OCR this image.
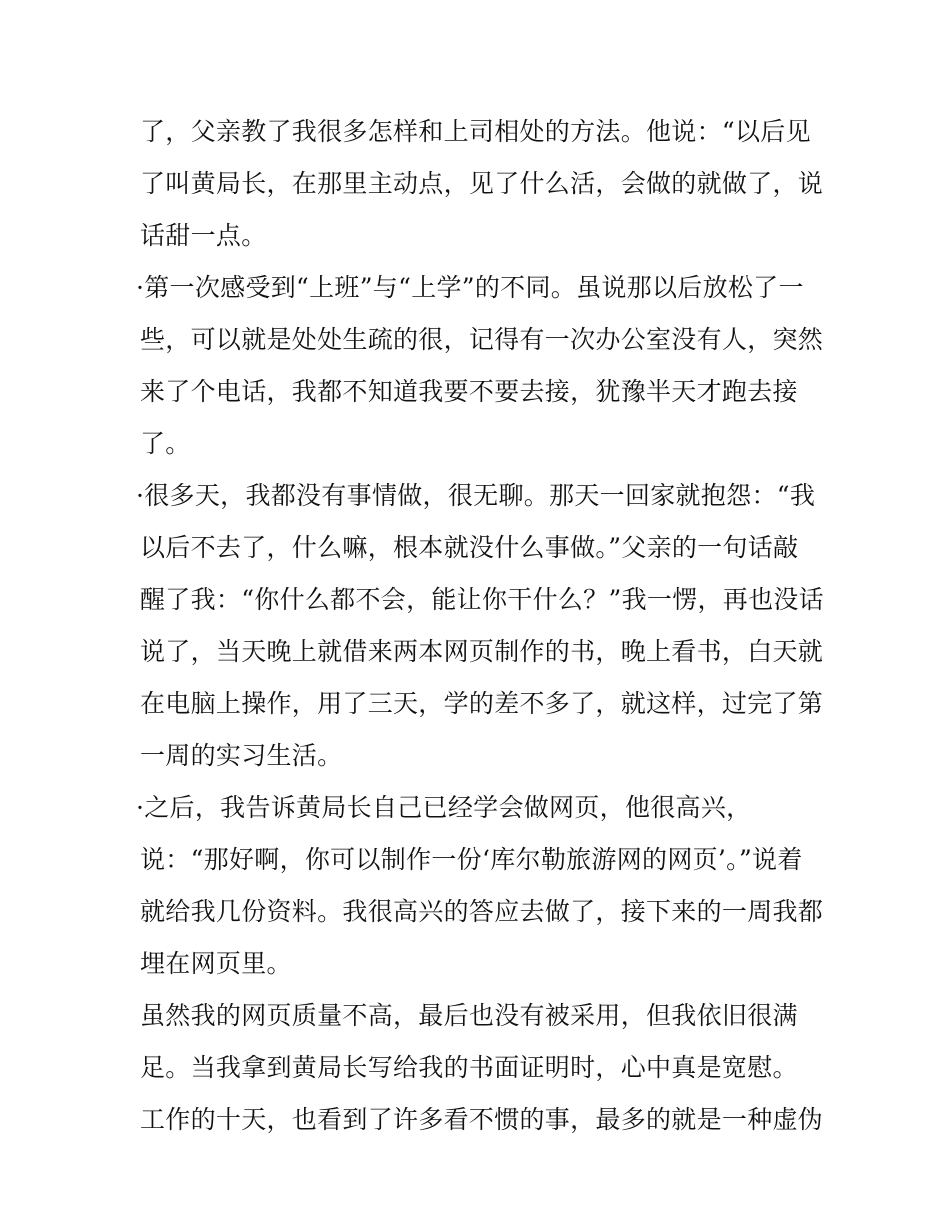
了，父亲教了我很多怎样和上司相处的方法。他说：“以后见
了叫黄局长，在那里主动点，见了什么活，会做的就做了，说
话甜一点。
·第一次感受到“上班”与“上学”的不同。虽说那以后放松了一
些，可以就是处处生疏的很，记得有一次办公室没有人，突然
来了个电话，我都不知道我要不要去接，犹豫半天才跑去接
了。
·很多天，我都没有事情做，很无聊。那天一回家就抱怨：“我
以后不去了，什么嘛，根本就没什么事做。”父亲的一句话敲
醒了我：“你什么都不会，能让你干什么？”我一愣，再也没话
说了，当天晚上就借来两本网页制作的书，晚上看书，白天就
在电脑上操作，用了三天，学的差不多了，就这样，过完了第
一周的实习生活。
·之后，我告诉黄局长自己已经学会做网页，他很高兴，
说：“那好啊，你可以制作一份‘库尔勒旅游网的网页’。”说着
就给我几份资料。我很高兴的答应去做了，接下来的一周我都
埋在网页里。
虽然我的网页质量不高，最后也没有被采用，但我依旧很满
足。当我拿到黄局长写给我的书面证明时，心中真是宽慰。
工作的十天，也看到了许多看不惯的事，最多的就是一种虚伪
